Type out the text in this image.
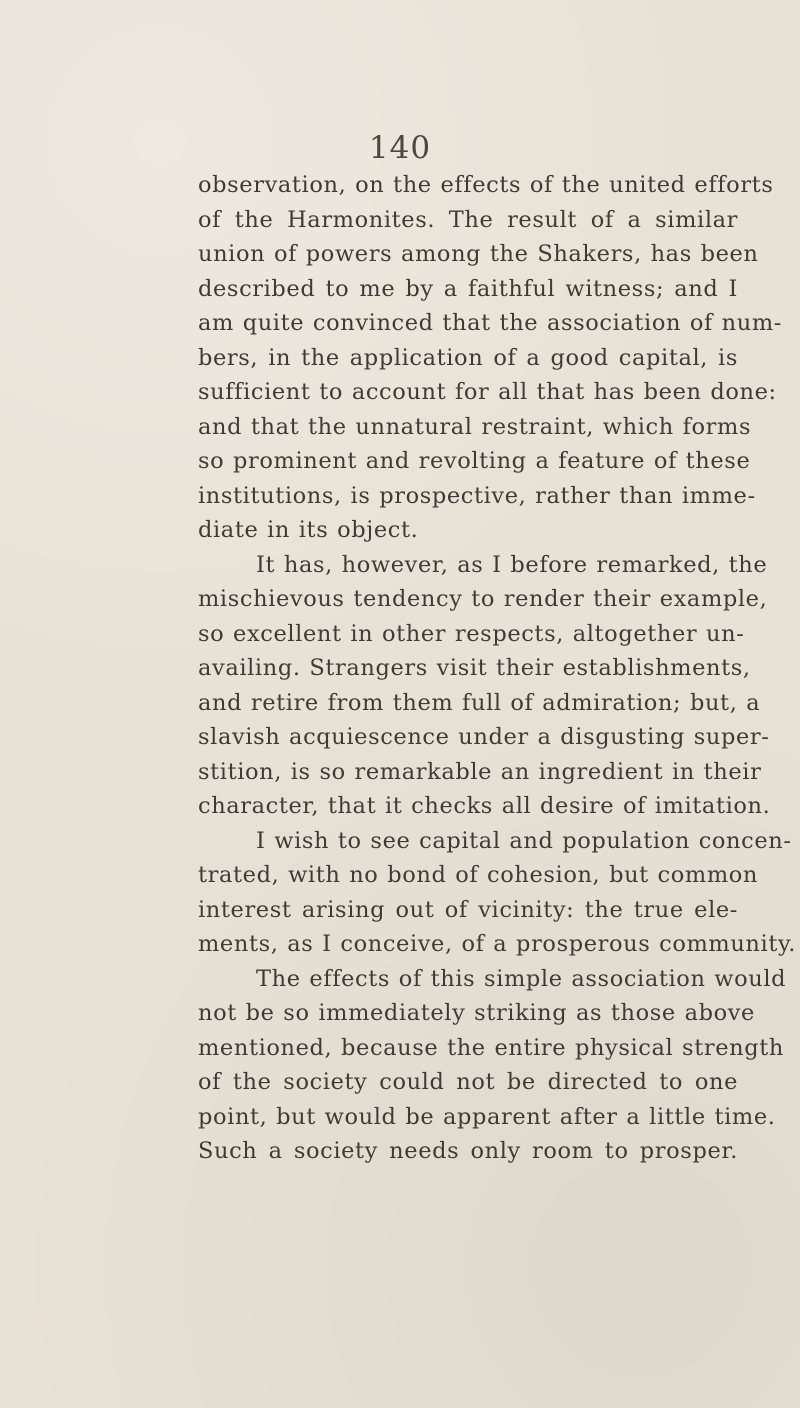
140
observation, on the effects of the united efforts
of the Harmonites. The result of a similar
union of powers among the Shakers, has been
described to me by a faithful witness; and I
am quite convinced that the association of num-
bers, in the application of a good capital, is
sufficient to account for all that has been done:
and that the unnatural restraint, which forms
so prominent and revolting a feature of these
institutions, is prospective, rather than imme-
diate in its object.
It has, however, as I before remarked, the
mischievous tendency to render their example,
so excellent in other respects, altogether un-
availing. Strangers visit their establishments,
and retire from them full of admiration; but, a
slavish acquiescence under a disgusting super-
stition, is so remarkable an ingredient in their
character, that it checks all desire of imitation.
I wish to see capital and population concen-
trated, with no bond of cohesion, but common
interest arising out of vicinity: the true ele-
ments, as I conceive, of a prosperous community.
The effects of this simple association would
not be so immediately striking as those above
mentioned, because the entire physical strength
of the society could not be directed to one
point, but would be apparent after a little time.
Such a society needs only room to prosper.
